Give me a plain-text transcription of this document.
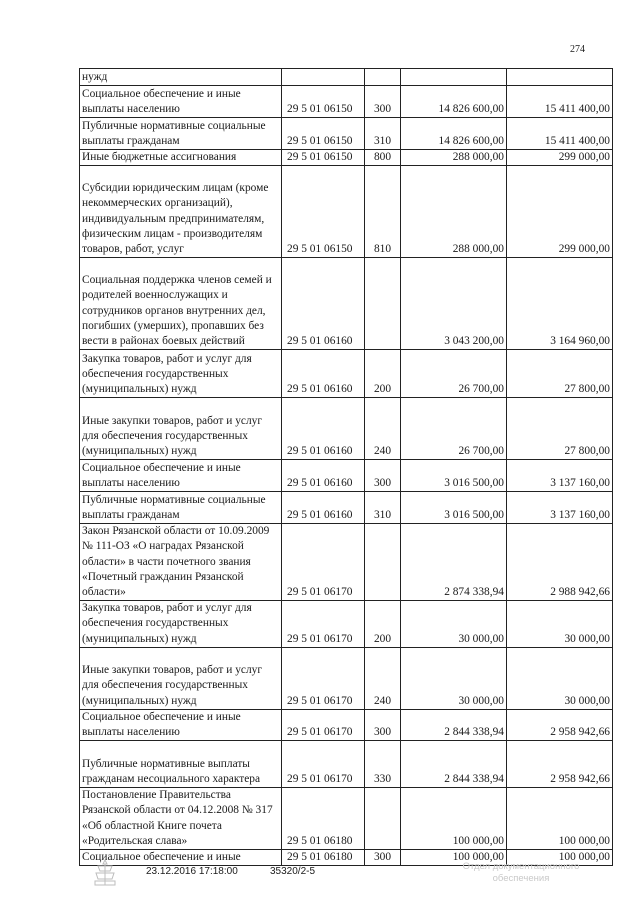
274
нужд				
Социальное обеспечение и иные выплаты населению	29 5 01 06150	300	14 826 600,00	15 411 400,00
Публичные нормативные социальные выплаты гражданам	29 5 01 06150	310	14 826 600,00	15 411 400,00
Иные бюджетные ассигнования	29 5 01 06150	800	288 000,00	299 000,00
Субсидии юридическим лицам (кроме некоммерческих организаций), индивидуальным предпринимателям, физическим лицам - производителям товаров, работ, услуг	29 5 01 06150	810	288 000,00	299 000,00
Социальная поддержка членов семей и родителей военнослужащих и сотрудников органов внутренних дел, погибших (умерших), пропавших без вести в районах боевых действий	29 5 01 06160		3 043 200,00	3 164 960,00
Закупка товаров, работ и услуг для обеспечения государственных (муниципальных) нужд	29 5 01 06160	200	26 700,00	27 800,00
Иные закупки товаров, работ и услуг для обеспечения государственных (муниципальных) нужд	29 5 01 06160	240	26 700,00	27 800,00
Социальное обеспечение и иные выплаты населению	29 5 01 06160	300	3 016 500,00	3 137 160,00
Публичные нормативные социальные выплаты гражданам	29 5 01 06160	310	3 016 500,00	3 137 160,00
Закон Рязанской области от 10.09.2009 № 111-ОЗ «О наградах Рязанской области» в части почетного звания «Почетный гражданин Рязанской области»	29 5 01 06170		2 874 338,94	2 988 942,66
Закупка товаров, работ и услуг для обеспечения государственных (муниципальных) нужд	29 5 01 06170	200	30 000,00	30 000,00
Иные закупки товаров, работ и услуг для обеспечения государственных (муниципальных) нужд	29 5 01 06170	240	30 000,00	30 000,00
Социальное обеспечение и иные выплаты населению	29 5 01 06170	300	2 844 338,94	2 958 942,66
Публичные нормативные выплаты гражданам несоциального характера	29 5 01 06170	330	2 844 338,94	2 958 942,66
Постановление Правительства Рязанской области от 04.12.2008 № 317 «Об областной Книге почета «Родительская слава»	29 5 01 06180		100 000,00	100 000,00
Социальное обеспечение и иные	29 5 01 06180	300	100 000,00	100 000,00
23.12.2016 17:18:00	35320/2-5	Отдел документационного
обеспечения
